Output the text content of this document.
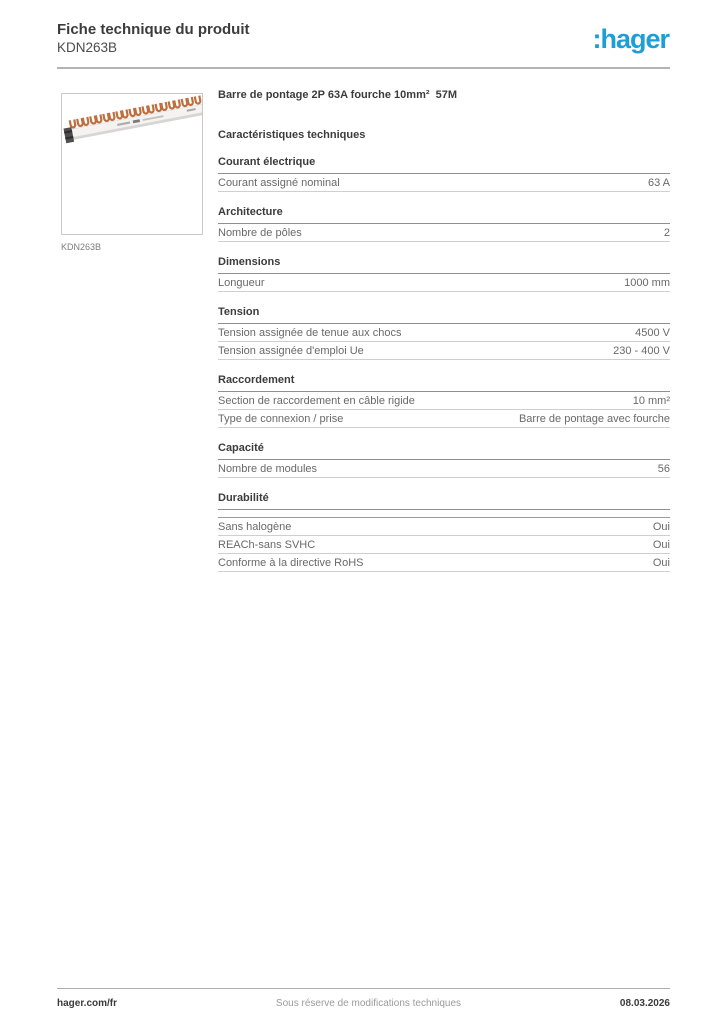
Fiche technique du produit
KDN263B	:hager
KDN263B
Barre de pontage 2P 63A fourche 10mm²  57M
Caractéristiques techniques
Courant électrique
Courant assigné nominal	63 A
Architecture
Nombre de pôles	2
Dimensions
Longueur	1000 mm
Tension
Tension assignée de tenue aux chocs	4500 V
Tension assignée d'emploi Ue	230 - 400 V
Raccordement
Section de raccordement en câble rigide	10 mm²
Type de connexion / prise	Barre de pontage avec fourche
Capacité
Nombre de modules	56
Durabilité
Sans halogène	Oui
REACh-sans SVHC	Oui
Conforme à la directive RoHS	Oui
hager.com/fr	Sous réserve de modifications techniques	08.03.2026
